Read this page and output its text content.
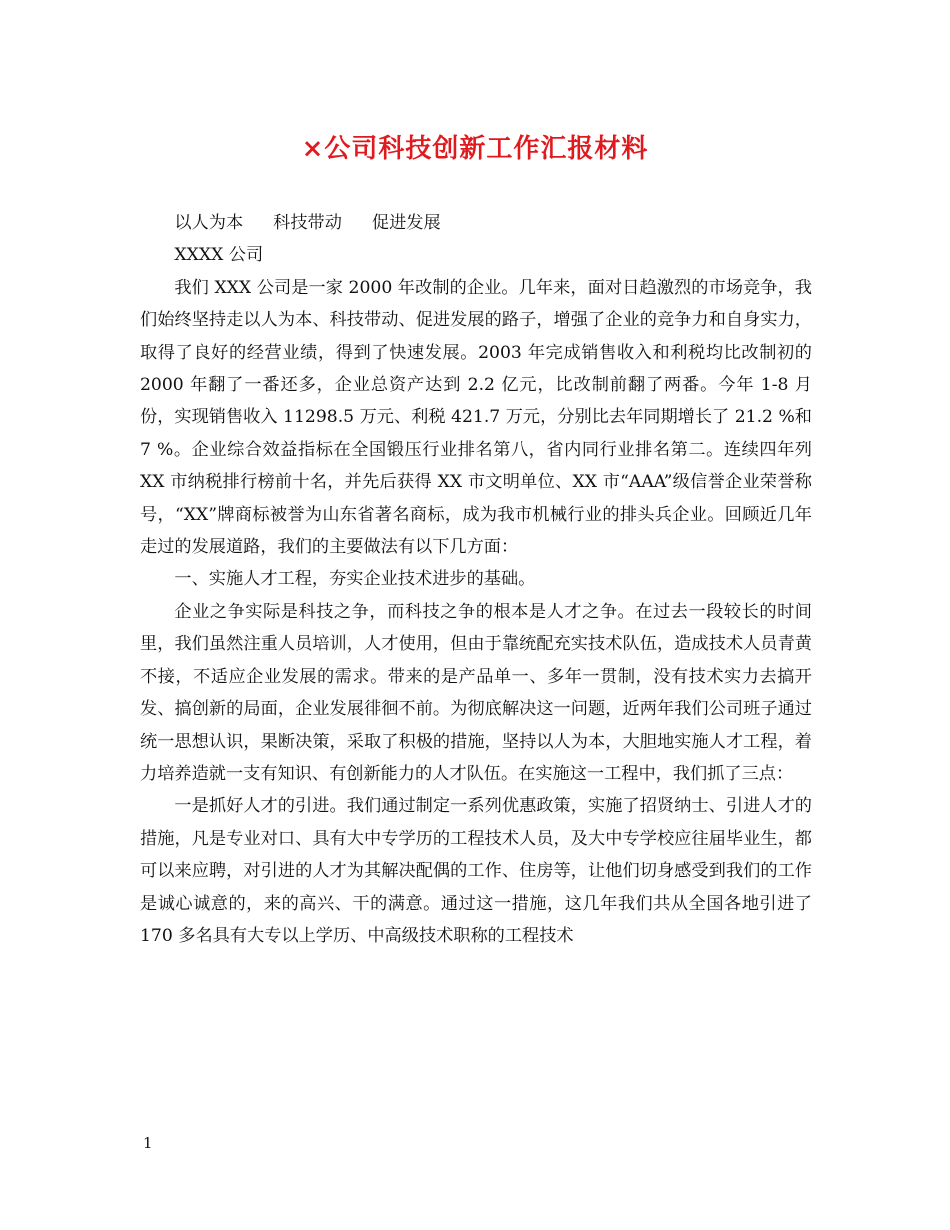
×公司科技创新工作汇报材料

以人为本 科技带动 促进发展

XXXX 公司

我们 XXX 公司是一家 2000 年改制的企业。几年来，面对日趋激烈的市场竞争，我们始终坚持走以人为本、科技带动、促进发展的路子，增强了企业的竞争力和自身实力，取得了良好的经营业绩，得到了快速发展。2003 年完成销售收入和利税均比改制初的 2000 年翻了一番还多，企业总资产达到 2.2 亿元，比改制前翻了两番。今年 1-8 月份，实现销售收入 11298.5 万元、利税 421.7 万元，分别比去年同期增长了 21.2 %和 7 %。企业综合效益指标在全国锻压行业排名第八，省内同行业排名第二。连续四年列 XX 市纳税排行榜前十名，并先后获得 XX 市文明单位、XX 市“AAA”级信誉企业荣誉称号，“XX”牌商标被誉为山东省著名商标，成为我市机械行业的排头兵企业。回顾近几年走过的发展道路，我们的主要做法有以下几方面：

一、实施人才工程，夯实企业技术进步的基础。

企业之争实际是科技之争，而科技之争的根本是人才之争。在过去一段较长的时间里，我们虽然注重人员培训，人才使用，但由于靠统配充实技术队伍，造成技术人员青黄不接，不适应企业发展的需求。带来的是产品单一、多年一贯制，没有技术实力去搞开发、搞创新的局面，企业发展徘徊不前。为彻底解决这一问题，近两年我们公司班子通过统一思想认识，果断决策，采取了积极的措施，坚持以人为本，大胆地实施人才工程，着力培养造就一支有知识、有创新能力的人才队伍。在实施这一工程中，我们抓了三点：

一是抓好人才的引进。我们通过制定一系列优惠政策，实施了招贤纳士、引进人才的措施，凡是专业对口、具有大中专学历的工程技术人员，及大中专学校应往届毕业生，都可以来应聘，对引进的人才为其解决配偶的工作、住房等，让他们切身感受到我们的工作是诚心诚意的，来的高兴、干的满意。通过这一措施，这几年我们共从全国各地引进了 170 多名具有大专以上学历、中高级技术职称的工程技术

1
